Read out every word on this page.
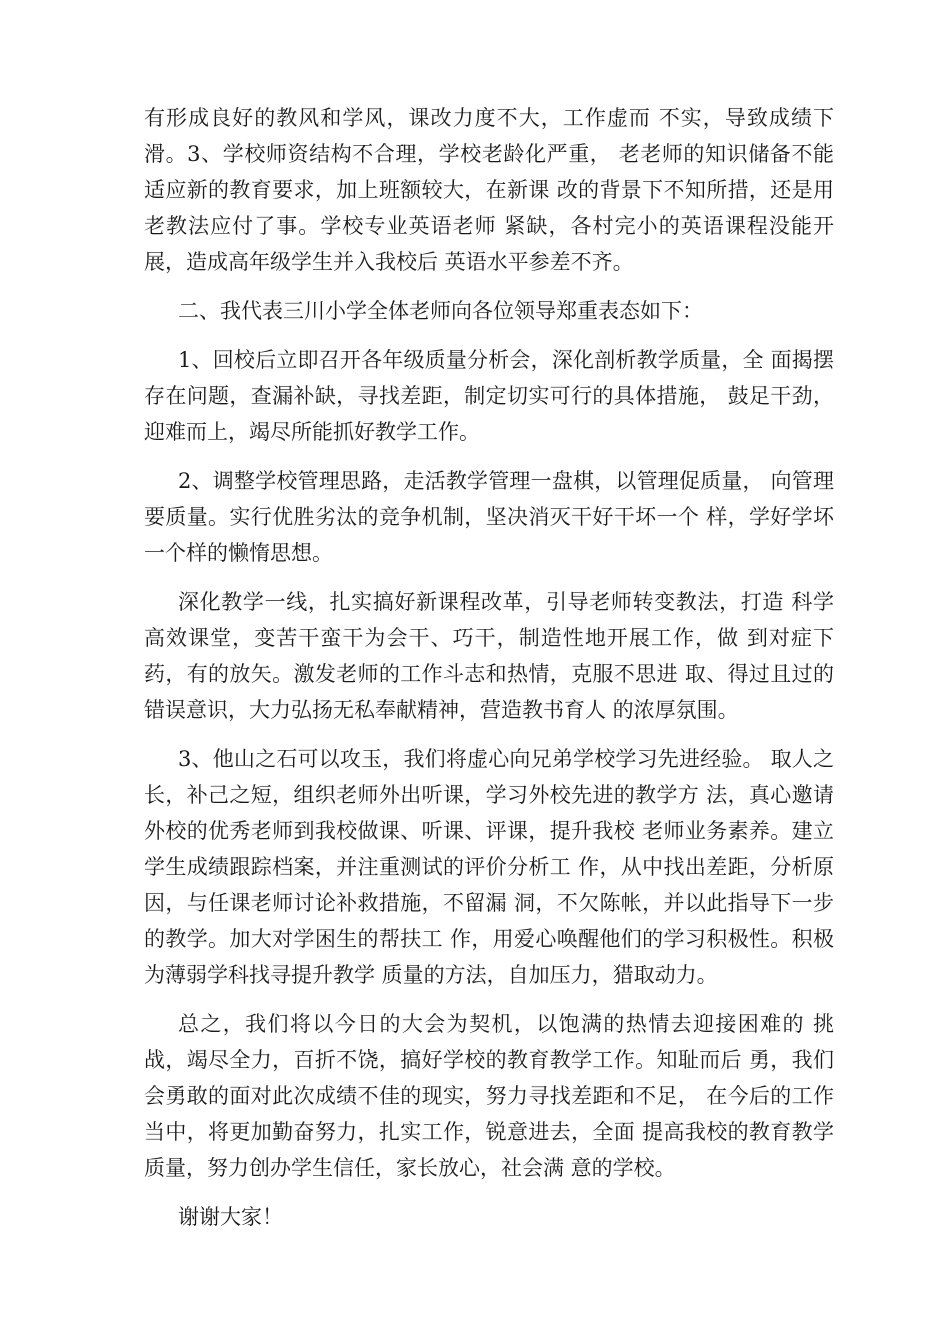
有形成良好的教风和学风，课改力度不大，工作虚而 不实，导致成绩下滑。3、学校师资结构不合理，学校老龄化严重， 老老师的知识储备不能适应新的教育要求，加上班额较大，在新课 改的背景下不知所措，还是用老教法应付了事。学校专业英语老师 紧缺，各村完小的英语课程没能开展，造成高年级学生并入我校后 英语水平参差不齐。

二、我代表三川小学全体老师向各位领导郑重表态如下：

1、回校后立即召开各年级质量分析会，深化剖析教学质量，全 面揭摆存在问题，查漏补缺，寻找差距，制定切实可行的具体措施， 鼓足干劲，迎难而上，竭尽所能抓好教学工作。

2、调整学校管理思路，走活教学管理一盘棋，以管理促质量， 向管理要质量。实行优胜劣汰的竞争机制，坚决消灭干好干坏一个 样，学好学坏一个样的懒惰思想。

深化教学一线，扎实搞好新课程改革，引导老师转变教法，打造 科学高效课堂，变苦干蛮干为会干、巧干，制造性地开展工作，做 到对症下药，有的放矢。激发老师的工作斗志和热情，克服不思进 取、得过且过的错误意识，大力弘扬无私奉献精神，营造教书育人 的浓厚氛围。

3、他山之石可以攻玉，我们将虚心向兄弟学校学习先进经验。 取人之长，补己之短，组织老师外出听课，学习外校先进的教学方 法，真心邀请外校的优秀老师到我校做课、听课、评课，提升我校 老师业务素养。建立学生成绩跟踪档案，并注重测试的评价分析工 作，从中找出差距，分析原因，与任课老师讨论补救措施，不留漏 洞，不欠陈帐，并以此指导下一步的教学。加大对学困生的帮扶工 作，用爱心唤醒他们的学习积极性。积极为薄弱学科找寻提升教学 质量的方法，自加压力，猎取动力。

总之，我们将以今日的大会为契机，以饱满的热情去迎接困难的 挑战，竭尽全力，百折不饶，搞好学校的教育教学工作。知耻而后 勇，我们会勇敢的面对此次成绩不佳的现实，努力寻找差距和不足， 在今后的工作当中，将更加勤奋努力，扎实工作，锐意进去，全面 提高我校的教育教学质量，努力创办学生信任，家长放心，社会满 意的学校。

谢谢大家！
